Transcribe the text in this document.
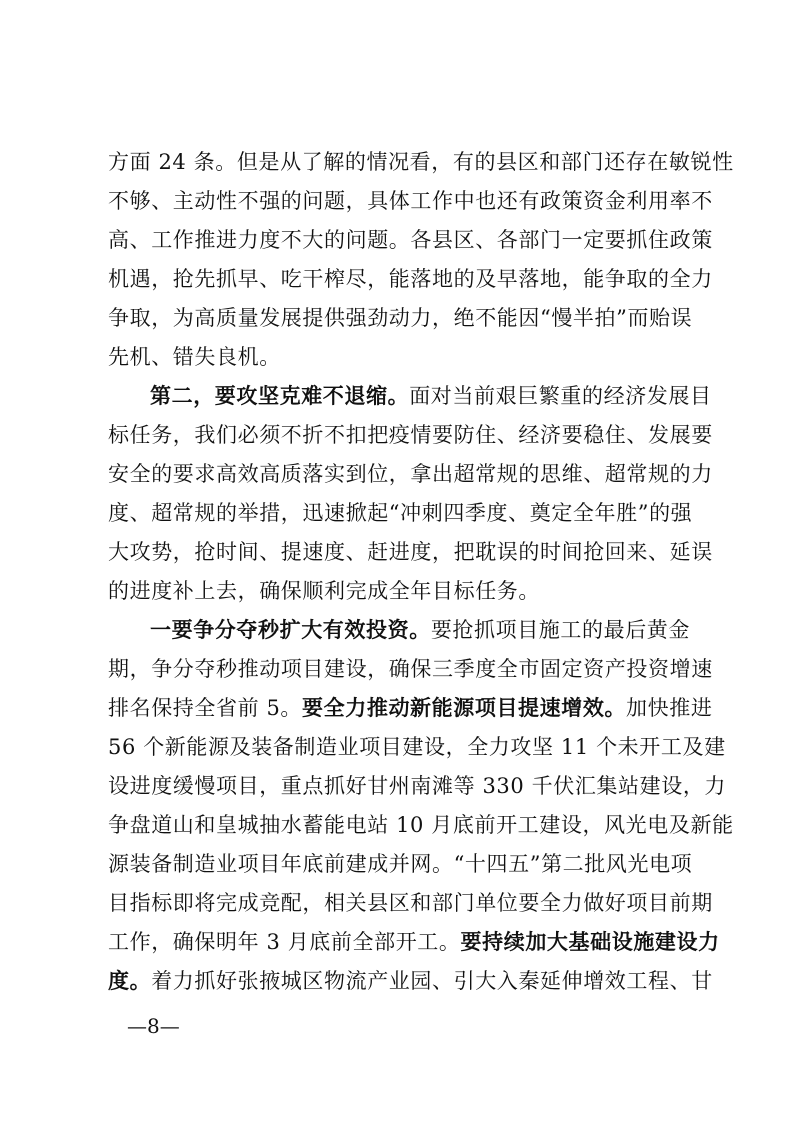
方面 24 条。但是从了解的情况看，有的县区和部门还存在敏锐性
不够、主动性不强的问题，具体工作中也还有政策资金利用率不
高、工作推进力度不大的问题。各县区、各部门一定要抓住政策
机遇，抢先抓早、吃干榨尽，能落地的及早落地，能争取的全力
争取，为高质量发展提供强劲动力，绝不能因“慢半拍”而贻误
先机、错失良机。
第二，要攻坚克难不退缩。面对当前艰巨繁重的经济发展目
标任务，我们必须不折不扣把疫情要防住、经济要稳住、发展要
安全的要求高效高质落实到位，拿出超常规的思维、超常规的力
度、超常规的举措，迅速掀起“冲刺四季度、奠定全年胜”的强
大攻势，抢时间、提速度、赶进度，把耽误的时间抢回来、延误
的进度补上去，确保顺利完成全年目标任务。
一要争分夺秒扩大有效投资。要抢抓项目施工的最后黄金
期，争分夺秒推动项目建设，确保三季度全市固定资产投资增速
排名保持全省前 5。要全力推动新能源项目提速增效。加快推进
56 个新能源及装备制造业项目建设，全力攻坚 11 个未开工及建
设进度缓慢项目，重点抓好甘州南滩等 330 千伏汇集站建设，力
争盘道山和皇城抽水蓄能电站 10 月底前开工建设，风光电及新能
源装备制造业项目年底前建成并网。“十四五”第二批风光电项
目指标即将完成竞配，相关县区和部门单位要全力做好项目前期
工作，确保明年 3 月底前全部开工。要持续加大基础设施建设力
度。着力抓好张掖城区物流产业园、引大入秦延伸增效工程、甘
—8—
